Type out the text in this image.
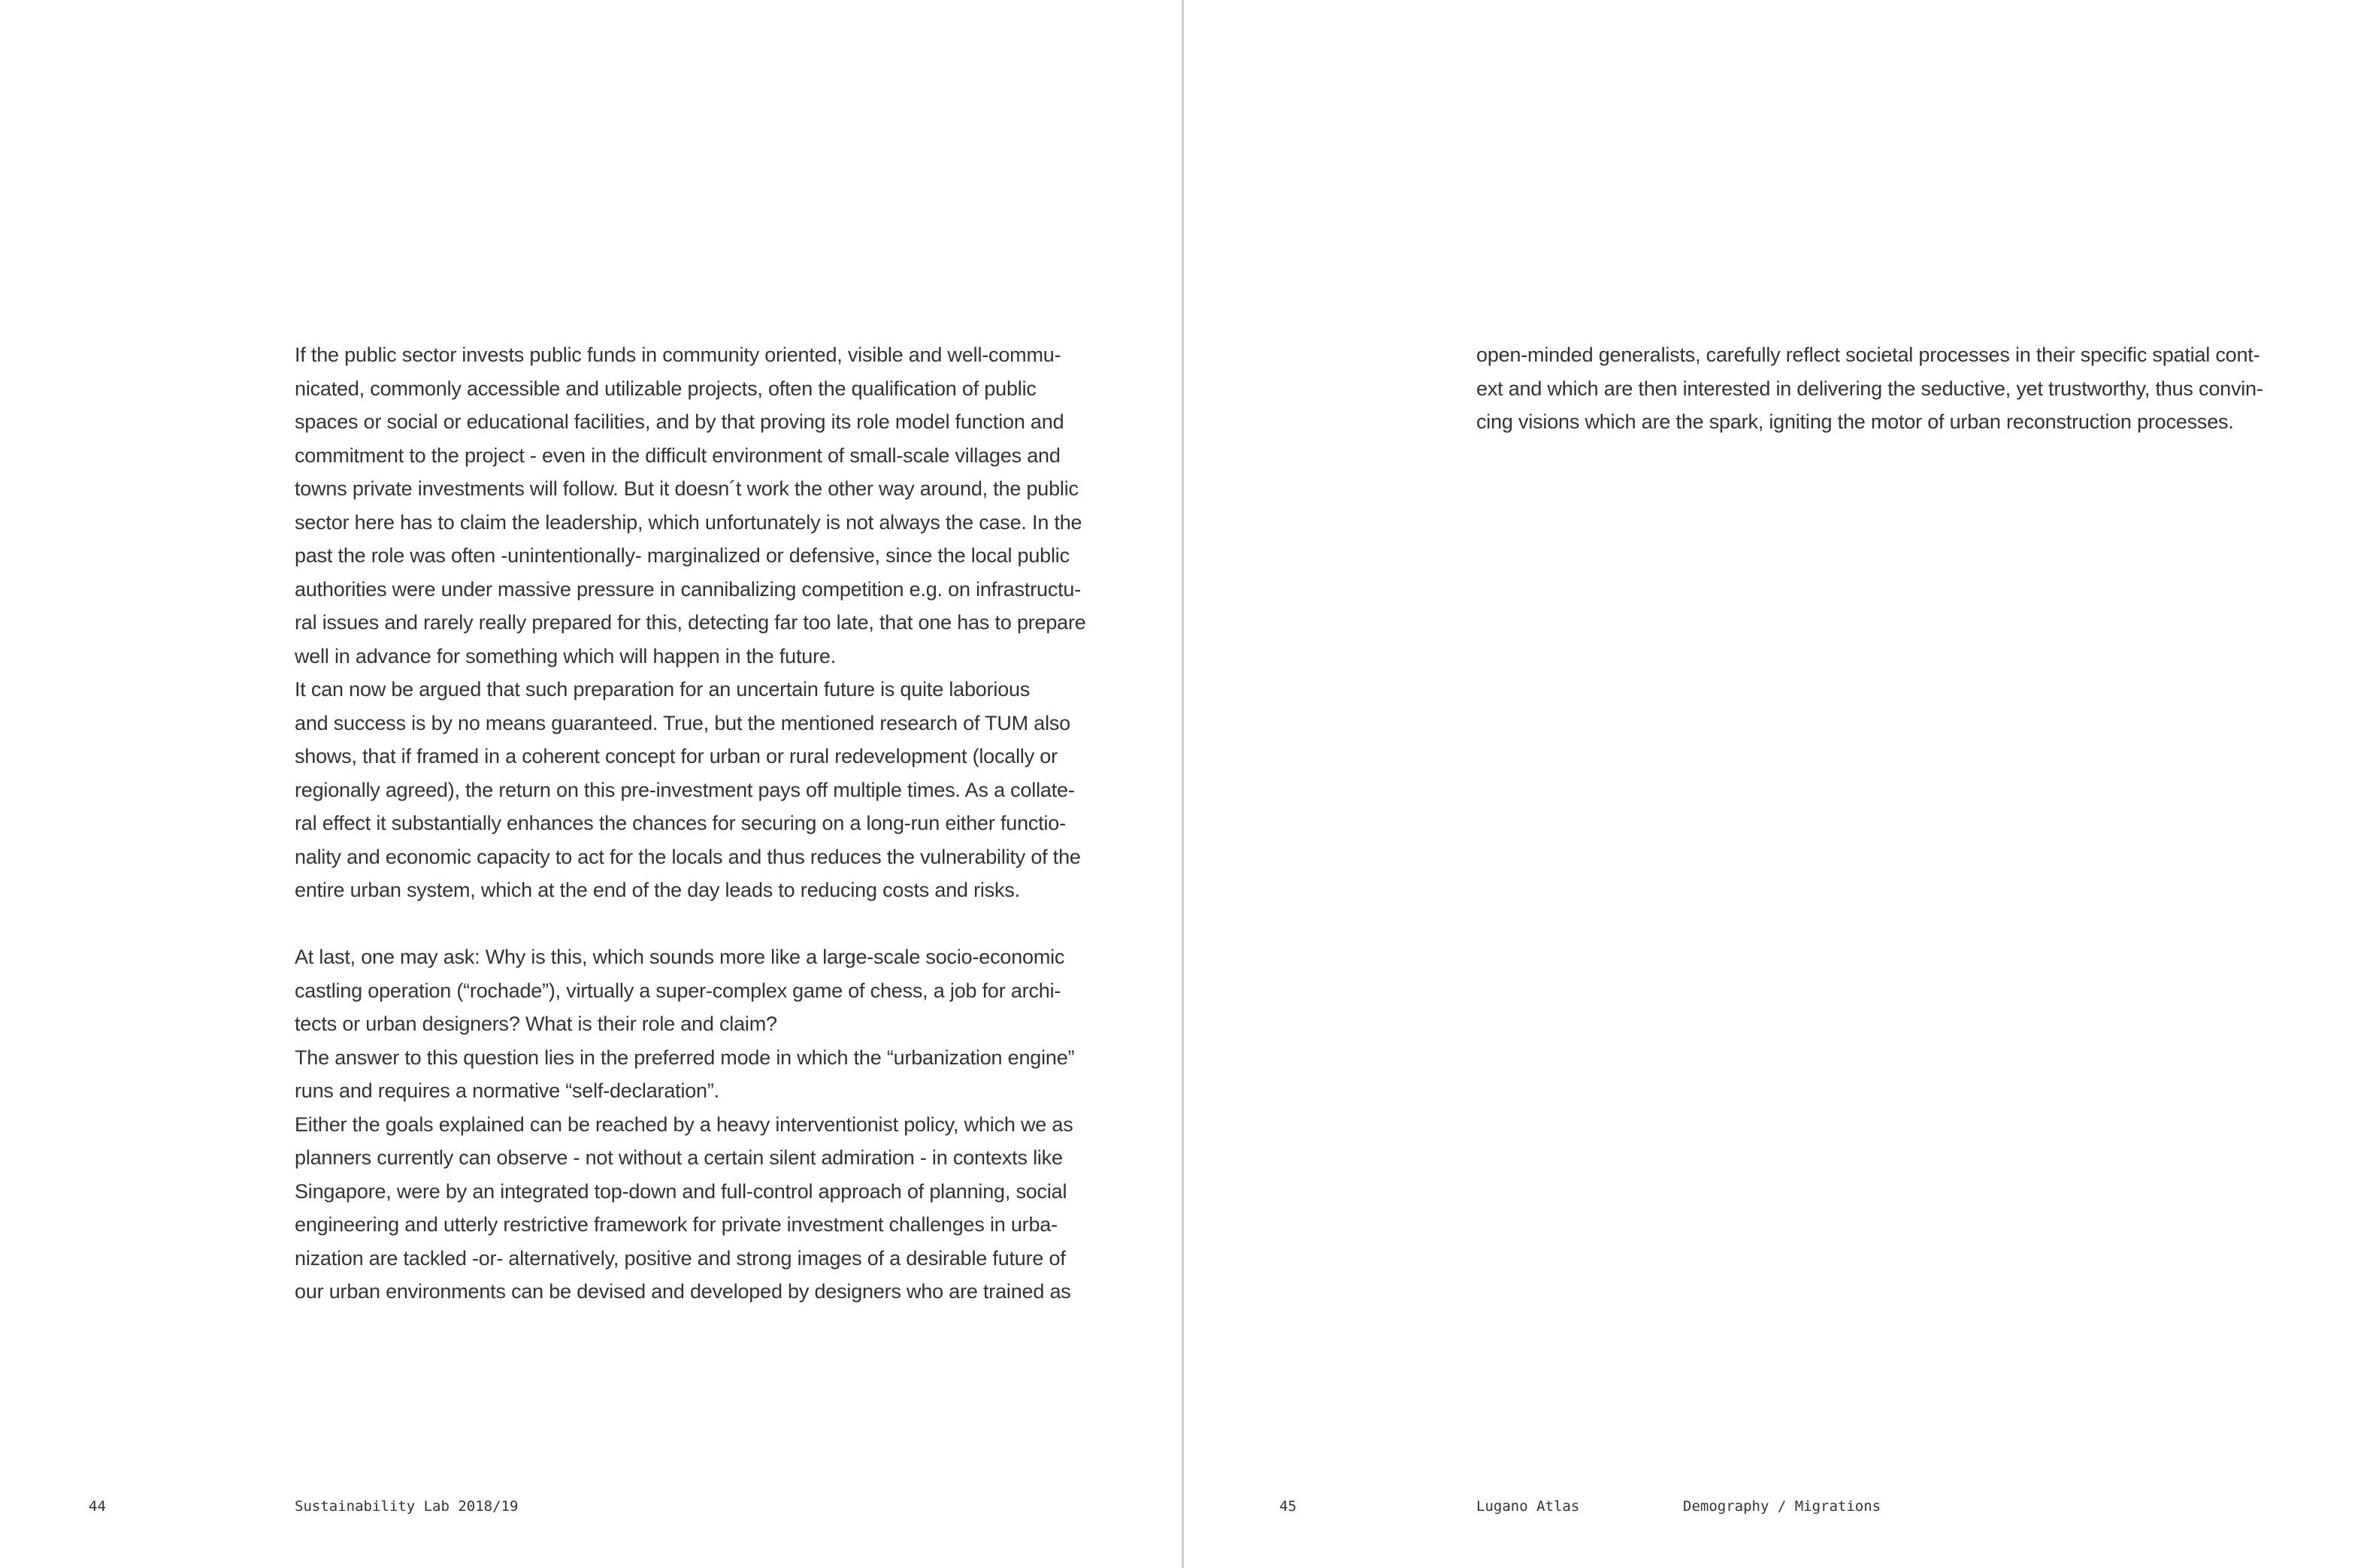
If the public sector invests public funds in community oriented, visible and well-commu-
nicated, commonly accessible and utilizable projects, often the qualification of public
spaces or social or educational facilities, and by that proving its role model function and
commitment to the project - even in the difficult environment of small-scale villages and
towns private investments will follow. But it doesn´t work the other way around, the public
sector here has to claim the leadership, which unfortunately is not always the case. In the
past the role was often -unintentionally- marginalized or defensive, since the local public
authorities were under massive pressure in cannibalizing competition e.g. on infrastructu-
ral issues and rarely really prepared for this, detecting far too late, that one has to prepare
well in advance for something which will happen in the future.
It can now be argued that such preparation for an uncertain future is quite laborious
and success is by no means guaranteed. True, but the mentioned research of TUM also
shows, that if framed in a coherent concept for urban or rural redevelopment (locally or
regionally agreed), the return on this pre-investment pays off multiple times. As a collate-
ral effect it substantially enhances the chances for securing on a long-run either functio-
nality and economic capacity to act for the locals and thus reduces the vulnerability of the
entire urban system, which at the end of the day leads to reducing costs and risks.
At last, one may ask: Why is this, which sounds more like a large-scale socio-economic
castling operation (“rochade”), virtually a super-complex game of chess, a job for archi-
tects or urban designers? What is their role and claim?
The answer to this question lies in the preferred mode in which the “urbanization engine”
runs and requires a normative “self-declaration”.
Either the goals explained can be reached by a heavy interventionist policy, which we as
planners currently can observe - not without a certain silent admiration - in contexts like
Singapore, were by an integrated top-down and full-control approach of planning, social
engineering and utterly restrictive framework for private investment challenges in urba-
nization are tackled -or- alternatively, positive and strong images of a desirable future of
our urban environments can be devised and developed by designers who are trained as
44	Sustainability Lab 2018/19
open-minded generalists, carefully reflect societal processes in their specific spatial cont-
ext and which are then interested in delivering the seductive, yet trustworthy, thus convin-
cing visions which are the spark, igniting the motor of urban reconstruction processes.
45	Lugano Atlas	Demography / Migrations
